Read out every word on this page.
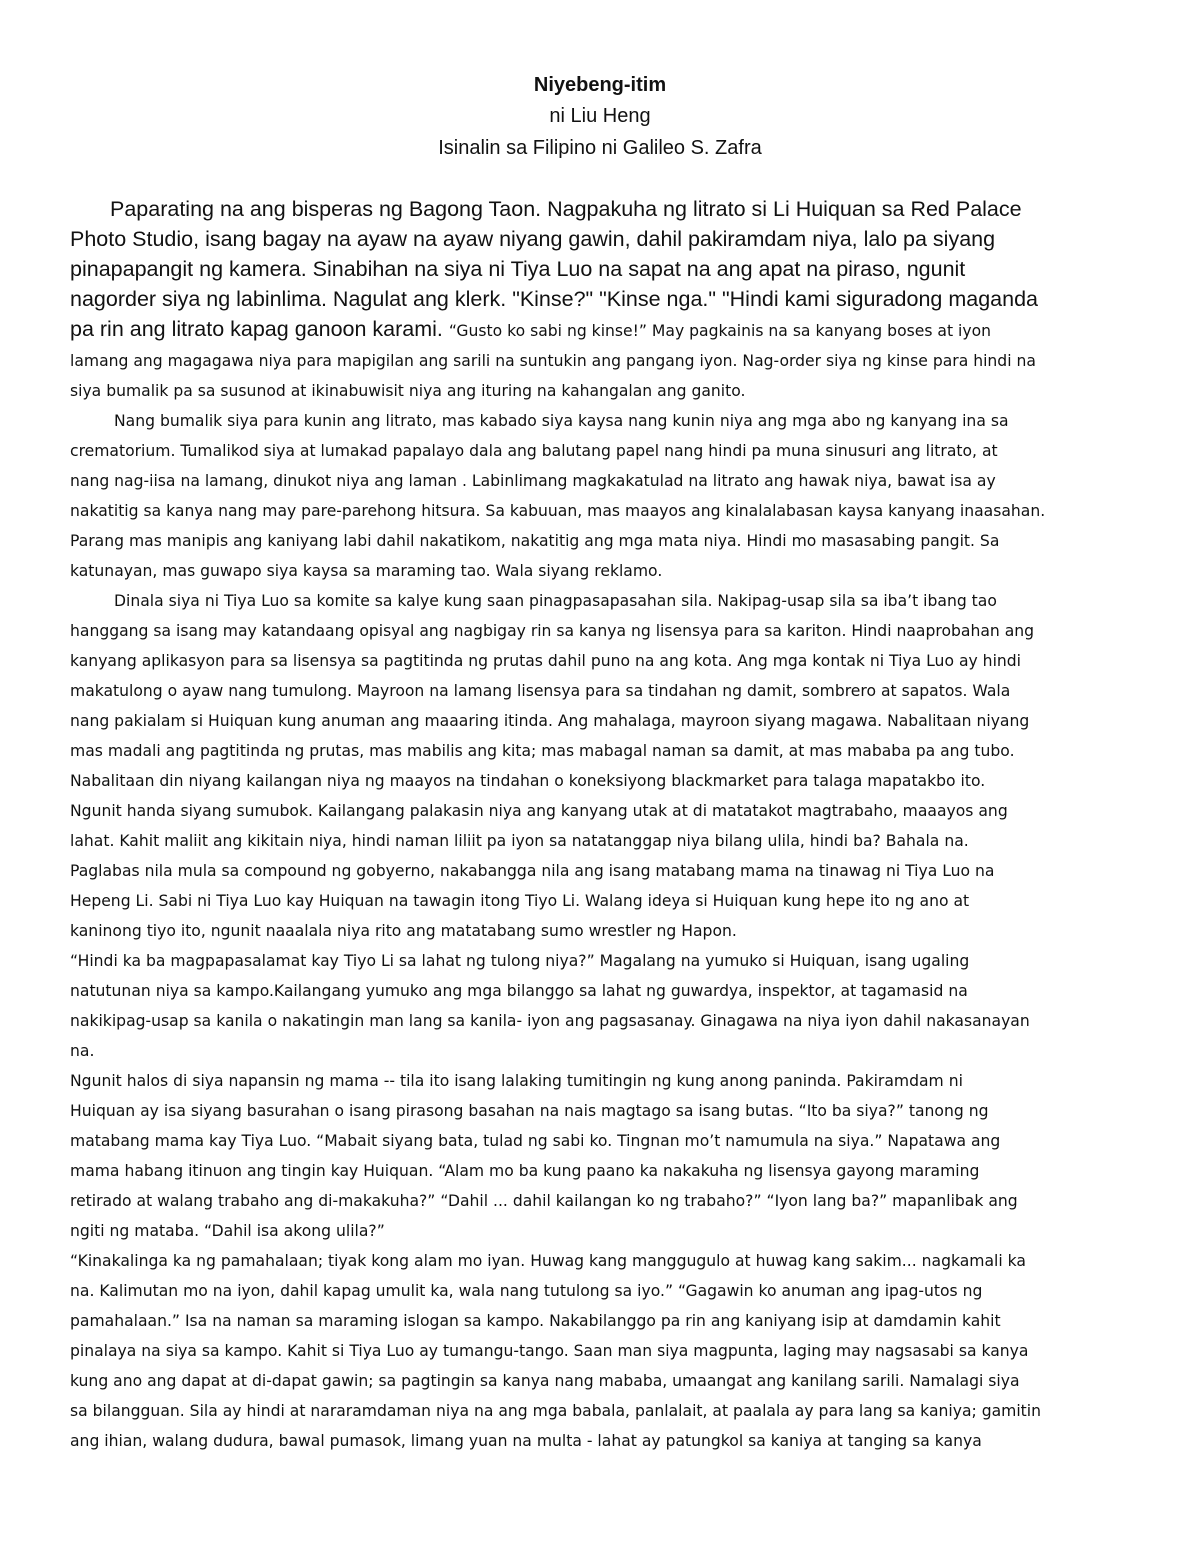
Niyebeng-itim
ni Liu Heng
Isinalin sa Filipino ni Galileo S. Zafra
Paparating na ang bisperas ng Bagong Taon. Nagpakuha ng litrato si Li Huiquan sa Red Palace
Photo Studio, isang bagay na ayaw na ayaw niyang gawin, dahil pakiramdam niya, lalo pa siyang
pinapapangit ng kamera. Sinabihan na siya ni Tiya Luo na sapat na ang apat na piraso, ngunit
nagorder siya ng labinlima. Nagulat ang klerk. "Kinse?" "Kinse nga." "Hindi kami siguradong maganda
pa rin ang litrato kapag ganoon karami. “Gusto ko sabi ng kinse!” May pagkainis na sa kanyang boses at iyon
lamang ang magagawa niya para mapigilan ang sarili na suntukin ang pangang iyon. Nag-order siya ng kinse para hindi na
siya bumalik pa sa susunod at ikinabuwisit niya ang ituring na kahangalan ang ganito.
Nang bumalik siya para kunin ang litrato, mas kabado siya kaysa nang kunin niya ang mga abo ng kanyang ina sa
crematorium. Tumalikod siya at lumakad papalayo dala ang balutang papel nang hindi pa muna sinusuri ang litrato, at
nang nag-iisa na lamang, dinukot niya ang laman . Labinlimang magkakatulad na litrato ang hawak niya, bawat isa ay
nakatitig sa kanya nang may pare-parehong hitsura. Sa kabuuan, mas maayos ang kinalalabasan kaysa kanyang inaasahan.
Parang mas manipis ang kaniyang labi dahil nakatikom, nakatitig ang mga mata niya. Hindi mo masasabing pangit. Sa
katunayan, mas guwapo siya kaysa sa maraming tao. Wala siyang reklamo.
Dinala siya ni Tiya Luo sa komite sa kalye kung saan pinagpasapasahan sila. Nakipag-usap sila sa iba’t ibang tao
hanggang sa isang may katandaang opisyal ang nagbigay rin sa kanya ng lisensya para sa kariton. Hindi naaprobahan ang
kanyang aplikasyon para sa lisensya sa pagtitinda ng prutas dahil puno na ang kota. Ang mga kontak ni Tiya Luo ay hindi
makatulong o ayaw nang tumulong. Mayroon na lamang lisensya para sa tindahan ng damit, sombrero at sapatos. Wala
nang pakialam si Huiquan kung anuman ang maaaring itinda. Ang mahalaga, mayroon siyang magawa. Nabalitaan niyang
mas madali ang pagtitinda ng prutas, mas mabilis ang kita; mas mabagal naman sa damit, at mas mababa pa ang tubo.
Nabalitaan din niyang kailangan niya ng maayos na tindahan o koneksiyong blackmarket para talaga mapatakbo ito.
Ngunit handa siyang sumubok. Kailangang palakasin niya ang kanyang utak at di matatakot magtrabaho, maaayos ang
lahat. Kahit maliit ang kikitain niya, hindi naman liliit pa iyon sa natatanggap niya bilang ulila, hindi ba? Bahala na.
Paglabas nila mula sa compound ng gobyerno, nakabangga nila ang isang matabang mama na tinawag ni Tiya Luo na
Hepeng Li. Sabi ni Tiya Luo kay Huiquan na tawagin itong Tiyo Li. Walang ideya si Huiquan kung hepe ito ng ano at
kaninong tiyo ito, ngunit naaalala niya rito ang matatabang sumo wrestler ng Hapon.
“Hindi ka ba magpapasalamat kay Tiyo Li sa lahat ng tulong niya?” Magalang na yumuko si Huiquan, isang ugaling
natutunan niya sa kampo.Kailangang yumuko ang mga bilanggo sa lahat ng guwardya, inspektor, at tagamasid na
nakikipag-usap sa kanila o nakatingin man lang sa kanila- iyon ang pagsasanay. Ginagawa na niya iyon dahil nakasanayan
na.
Ngunit halos di siya napansin ng mama -- tila ito isang lalaking tumitingin ng kung anong paninda. Pakiramdam ni
Huiquan ay isa siyang basurahan o isang pirasong basahan na nais magtago sa isang butas. “Ito ba siya?” tanong ng
matabang mama kay Tiya Luo. “Mabait siyang bata, tulad ng sabi ko. Tingnan mo’t namumula na siya.” Napatawa ang
mama habang itinuon ang tingin kay Huiquan. “Alam mo ba kung paano ka nakakuha ng lisensya gayong maraming
retirado at walang trabaho ang di-makakuha?” “Dahil ... dahil kailangan ko ng trabaho?” “Iyon lang ba?” mapanlibak ang
ngiti ng mataba. “Dahil isa akong ulila?”
“Kinakalinga ka ng pamahalaan; tiyak kong alam mo iyan. Huwag kang manggugulo at huwag kang sakim... nagkamali ka
na. Kalimutan mo na iyon, dahil kapag umulit ka, wala nang tutulong sa iyo.” “Gagawin ko anuman ang ipag-utos ng
pamahalaan.” Isa na naman sa maraming islogan sa kampo. Nakabilanggo pa rin ang kaniyang isip at damdamin kahit
pinalaya na siya sa kampo. Kahit si Tiya Luo ay tumangu-tango. Saan man siya magpunta, laging may nagsasabi sa kanya
kung ano ang dapat at di-dapat gawin; sa pagtingin sa kanya nang mababa, umaangat ang kanilang sarili. Namalagi siya
sa bilangguan. Sila ay hindi at nararamdaman niya na ang mga babala, panlalait, at paalala ay para lang sa kaniya; gamitin
ang ihian, walang dudura, bawal pumasok, limang yuan na multa - lahat ay patungkol sa kaniya at tanging sa kanya
